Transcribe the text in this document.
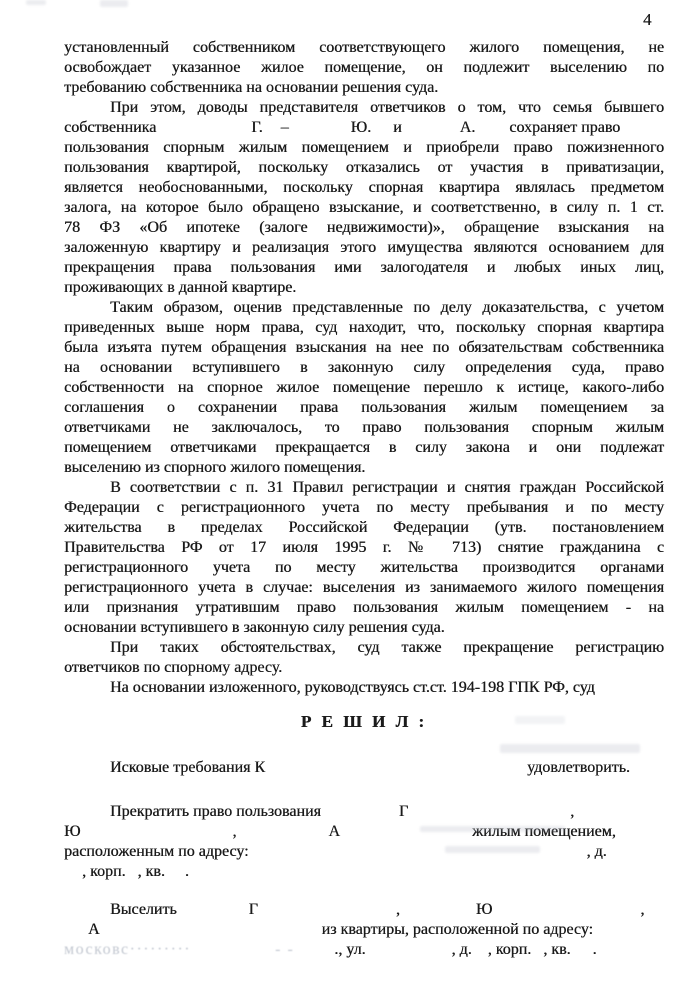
4
установленный собственником соответствующего жилого помещения, не
освобождает указанное жилое помещение, он подлежит выселению по
требованию собственника на основании решения суда.
При этом, доводы представителя ответчиков о том, что семья бывшего
собственника	Г. –	Ю. и	А. сохраняет право
пользования спорным жилым помещением и приобрели право пожизненного
пользования квартирой, поскольку отказались от участия в приватизации,
является необоснованными, поскольку спорная квартира являлась предметом
залога, на которое было обращено взыскание, и соответственно, в силу п. 1 ст.
78 ФЗ «Об ипотеке (залоге недвижимости)», обращение взыскания на
заложенную квартиру и реализация этого имущества являются основанием для
прекращения права пользования ими залогодателя и любых иных лиц,
проживающих в данной квартире.
Таким образом, оценив представленные по делу доказательства, с учетом
приведенных выше норм права, суд находит, что, поскольку спорная квартира
была изъята путем обращения взыскания на нее по обязательствам собственника
на основании вступившего в законную силу определения суда, право
собственности на спорное жилое помещение перешло к истице, какого-либо
соглашения о сохранении права пользования жилым помещением за
ответчиками не заключалось, то право пользования спорным жилым
помещением ответчиками прекращается в силу закона и они подлежат
выселению из спорного жилого помещения.
В соответствии с п. 31 Правил регистрации и снятия граждан Российской
Федерации с регистрационного учета по месту пребывания и по месту
жительства в пределах Российской Федерации (утв. постановлением
Правительства РФ от 17 июля 1995 г. № 713) снятие гражданина с
регистрационного учета по месту жительства производится органами
регистрационного учета в случае: выселения из занимаемого жилого помещения
или признания утратившим право пользования жилым помещением - на
основании вступившего в законную силу решения суда.
При таких обстоятельствах, суд также прекращение регистрацию
ответчиков по спорному адресу.
На основании изложенного, руководствуясь ст.ст. 194-198 ГПК РФ, суд
Р Е Ш И Л :
Исковые требования К	удовлетворить.
Прекратить право пользования	Г	,
Ю	,	А	жилым помещением,
расположенным по адресу:	, д.
, корп. , кв. .
Выселить	Г	,	Ю	,
А	из квартиры, расположенной по адресу:
московс·········	- -	., ул.	, д. , корп. , кв. .
